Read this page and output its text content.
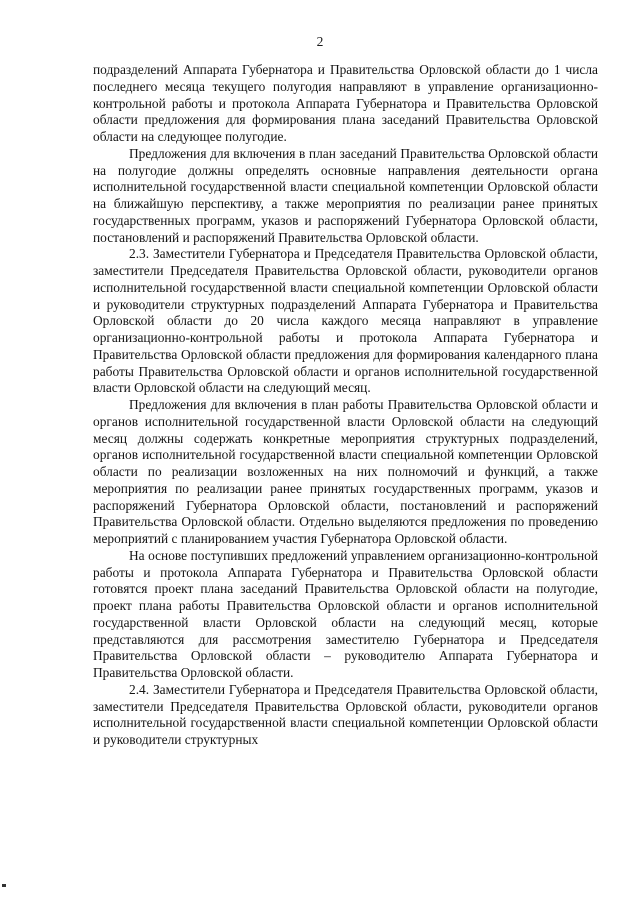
2

подразделений Аппарата Губернатора и Правительства Орловской области до 1 числа последнего месяца текущего полугодия направляют в управление организационно-контрольной работы и протокола Аппарата Губернатора и Правительства Орловской области предложения для формирования плана заседаний Правительства Орловской области на следующее полугодие.

Предложения для включения в план заседаний Правительства Орловской области на полугодие должны определять основные направления деятельности органа исполнительной государственной власти специальной компетенции Орловской области на ближайшую перспективу, а также мероприятия по реализации ранее принятых государственных программ, указов и распоряжений Губернатора Орловской области, постановлений и распоряжений Правительства Орловской области.

2.3. Заместители Губернатора и Председателя Правительства Орловской области, заместители Председателя Правительства Орловской области, руководители органов исполнительной государственной власти специальной компетенции Орловской области и руководители структурных подразделений Аппарата Губернатора и Правительства Орловской области до 20 числа каждого месяца направляют в управление организационно-контрольной работы и протокола Аппарата Губернатора и Правительства Орловской области предложения для формирования календарного плана работы Правительства Орловской области и органов исполнительной государственной власти Орловской области на следующий месяц.

Предложения для включения в план работы Правительства Орловской области и органов исполнительной государственной власти Орловской области на следующий месяц должны содержать конкретные мероприятия структурных подразделений, органов исполнительной государственной власти специальной компетенции Орловской области по реализации возложенных на них полномочий и функций, а также мероприятия по реализации ранее принятых государственных программ, указов и распоряжений Губернатора Орловской области, постановлений и распоряжений Правительства Орловской области. Отдельно выделяются предложения по проведению мероприятий с планированием участия Губернатора Орловской области.

На основе поступивших предложений управлением организационно-контрольной работы и протокола Аппарата Губернатора и Правительства Орловской области готовятся проект плана заседаний Правительства Орловской области на полугодие, проект плана работы Правительства Орловской области и органов исполнительной государственной власти Орловской области на следующий месяц, которые представляются для рассмотрения заместителю Губернатора и Председателя Правительства Орловской области – руководителю Аппарата Губернатора и Правительства Орловской области.

2.4. Заместители Губернатора и Председателя Правительства Орловской области, заместители Председателя Правительства Орловской области, руководители органов исполнительной государственной власти специальной компетенции Орловской области и руководители структурных
